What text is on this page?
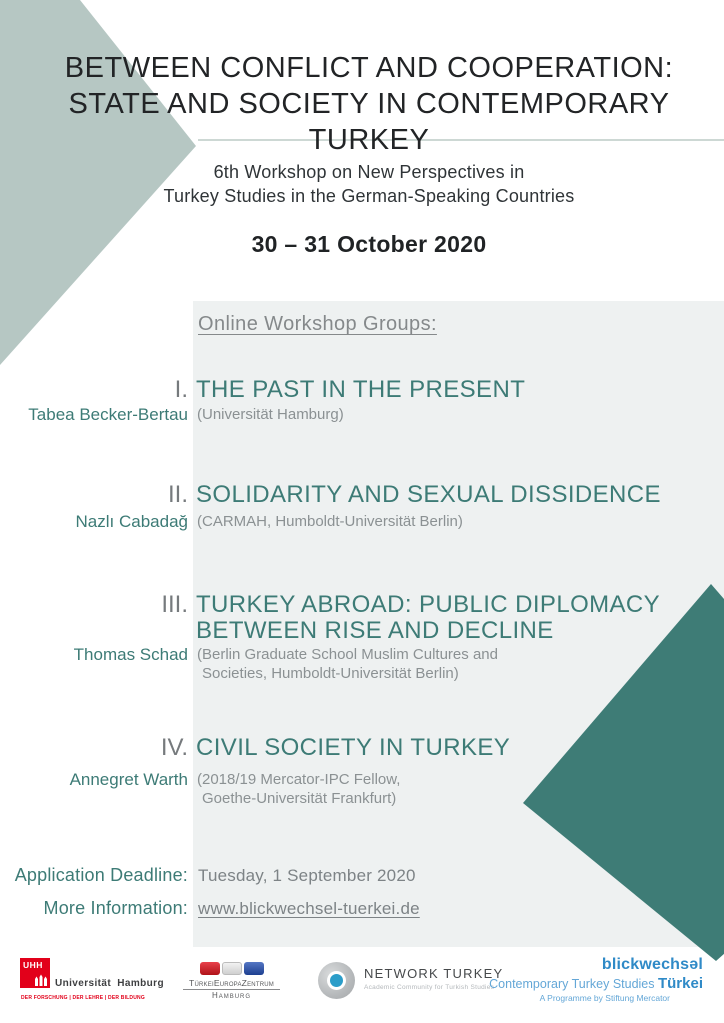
BETWEEN CONFLICT AND COOPERATION:
STATE AND SOCIETY IN CONTEMPORARY TURKEY
6th Workshop on New Perspectives in
Turkey Studies in the German-Speaking Countries
30 – 31 October 2020
Online Workshop Groups:
I. THE PAST IN THE PRESENT
Tabea Becker-Bertau (Universität Hamburg)
II. SOLIDARITY AND SEXUAL DISSIDENCE
Nazlı Cabadağ (CARMAH, Humboldt-Universität Berlin)
III. TURKEY ABROAD: PUBLIC DIPLOMACY
BETWEEN RISE AND DECLINE
Thomas Schad (Berlin Graduate School Muslim Cultures and
Societies, Humboldt-Universität Berlin)
IV. CIVIL SOCIETY IN TURKEY
Annegret Warth (2018/19 Mercator-IPC Fellow,
Goethe-Universität Frankfurt)
Application Deadline: Tuesday, 1 September 2020
More Information: www.blickwechsel-tuerkei.de
UHH
Universität Hamburg
DER FORSCHUNG | DER LEHRE | DER BILDUNG
TürkeiEuropaZentrum
Hamburg
NETWORK TURKEY
Academic Community for Turkish Studies
blickwechsəl
Contemporary Turkey Studies Türkei
A Programme by Stiftung Mercator
